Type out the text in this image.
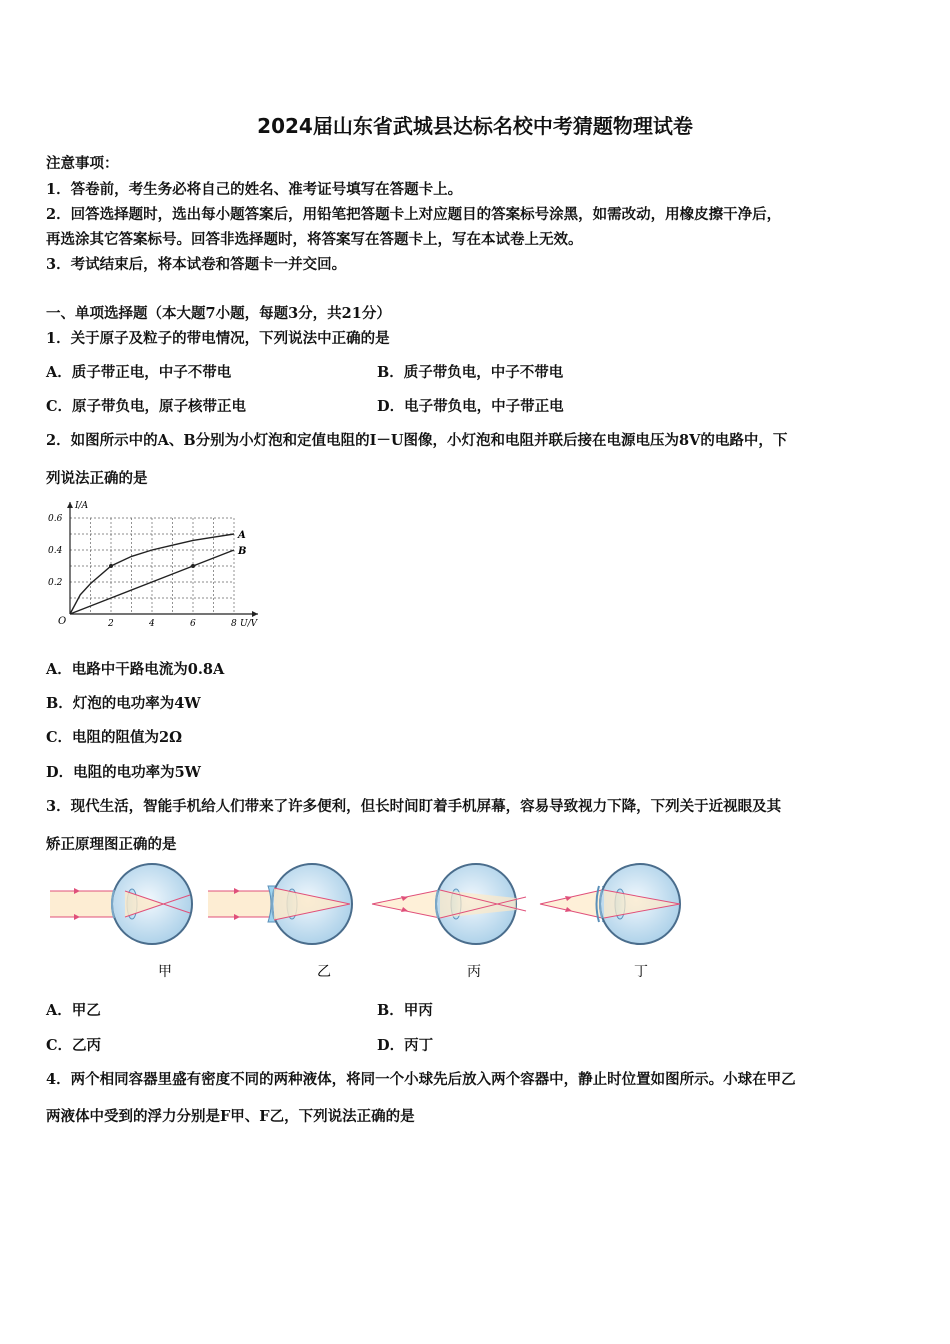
2024届山东省武城县达标名校中考猜题物理试卷
注意事项：
1．答卷前，考生务必将自己的姓名、准考证号填写在答题卡上。
2．回答选择题时，选出每小题答案后，用铅笔把答题卡上对应题目的答案标号涂黑，如需改动，用橡皮擦干净后，
再选涂其它答案标号。回答非选择题时，将答案写在答题卡上，写在本试卷上无效。
3．考试结束后，将本试卷和答题卡一并交回。
一、单项选择题（本大题7小题，每题3分，共21分）
1．关于原子及粒子的带电情况，下列说法中正确的是
A．质子带正电，中子不带电	B．质子带负电，中子不带电
C．原子带负电，原子核带正电	D．电子带负电，中子带正电
2．如图所示中的A、B分别为小灯泡和定值电阻的I－U图像，小灯泡和电阻并联后接在电源电压为8V的电路中，下
列说法正确的是
2	4	6	8
0.2
0.4
0.6
O
I/A
U/V
A
B
A．电路中干路电流为0.8A
B．灯泡的电功率为4W
C．电阻的阻值为2Ω
D．电阻的电功率为5W
3．现代生活，智能手机给人们带来了许多便利，但长时间盯着手机屏幕，容易导致视力下降，下列关于近视眼及其
矫正原理图正确的是
甲	乙	丙	丁
A．甲乙	B．甲丙
C．乙丙	D．丙丁
4．两个相同容器里盛有密度不同的两种液体，将同一个小球先后放入两个容器中，静止时位置如图所示。小球在甲乙
两液体中受到的浮力分别是F甲、F乙，下列说法正确的是
